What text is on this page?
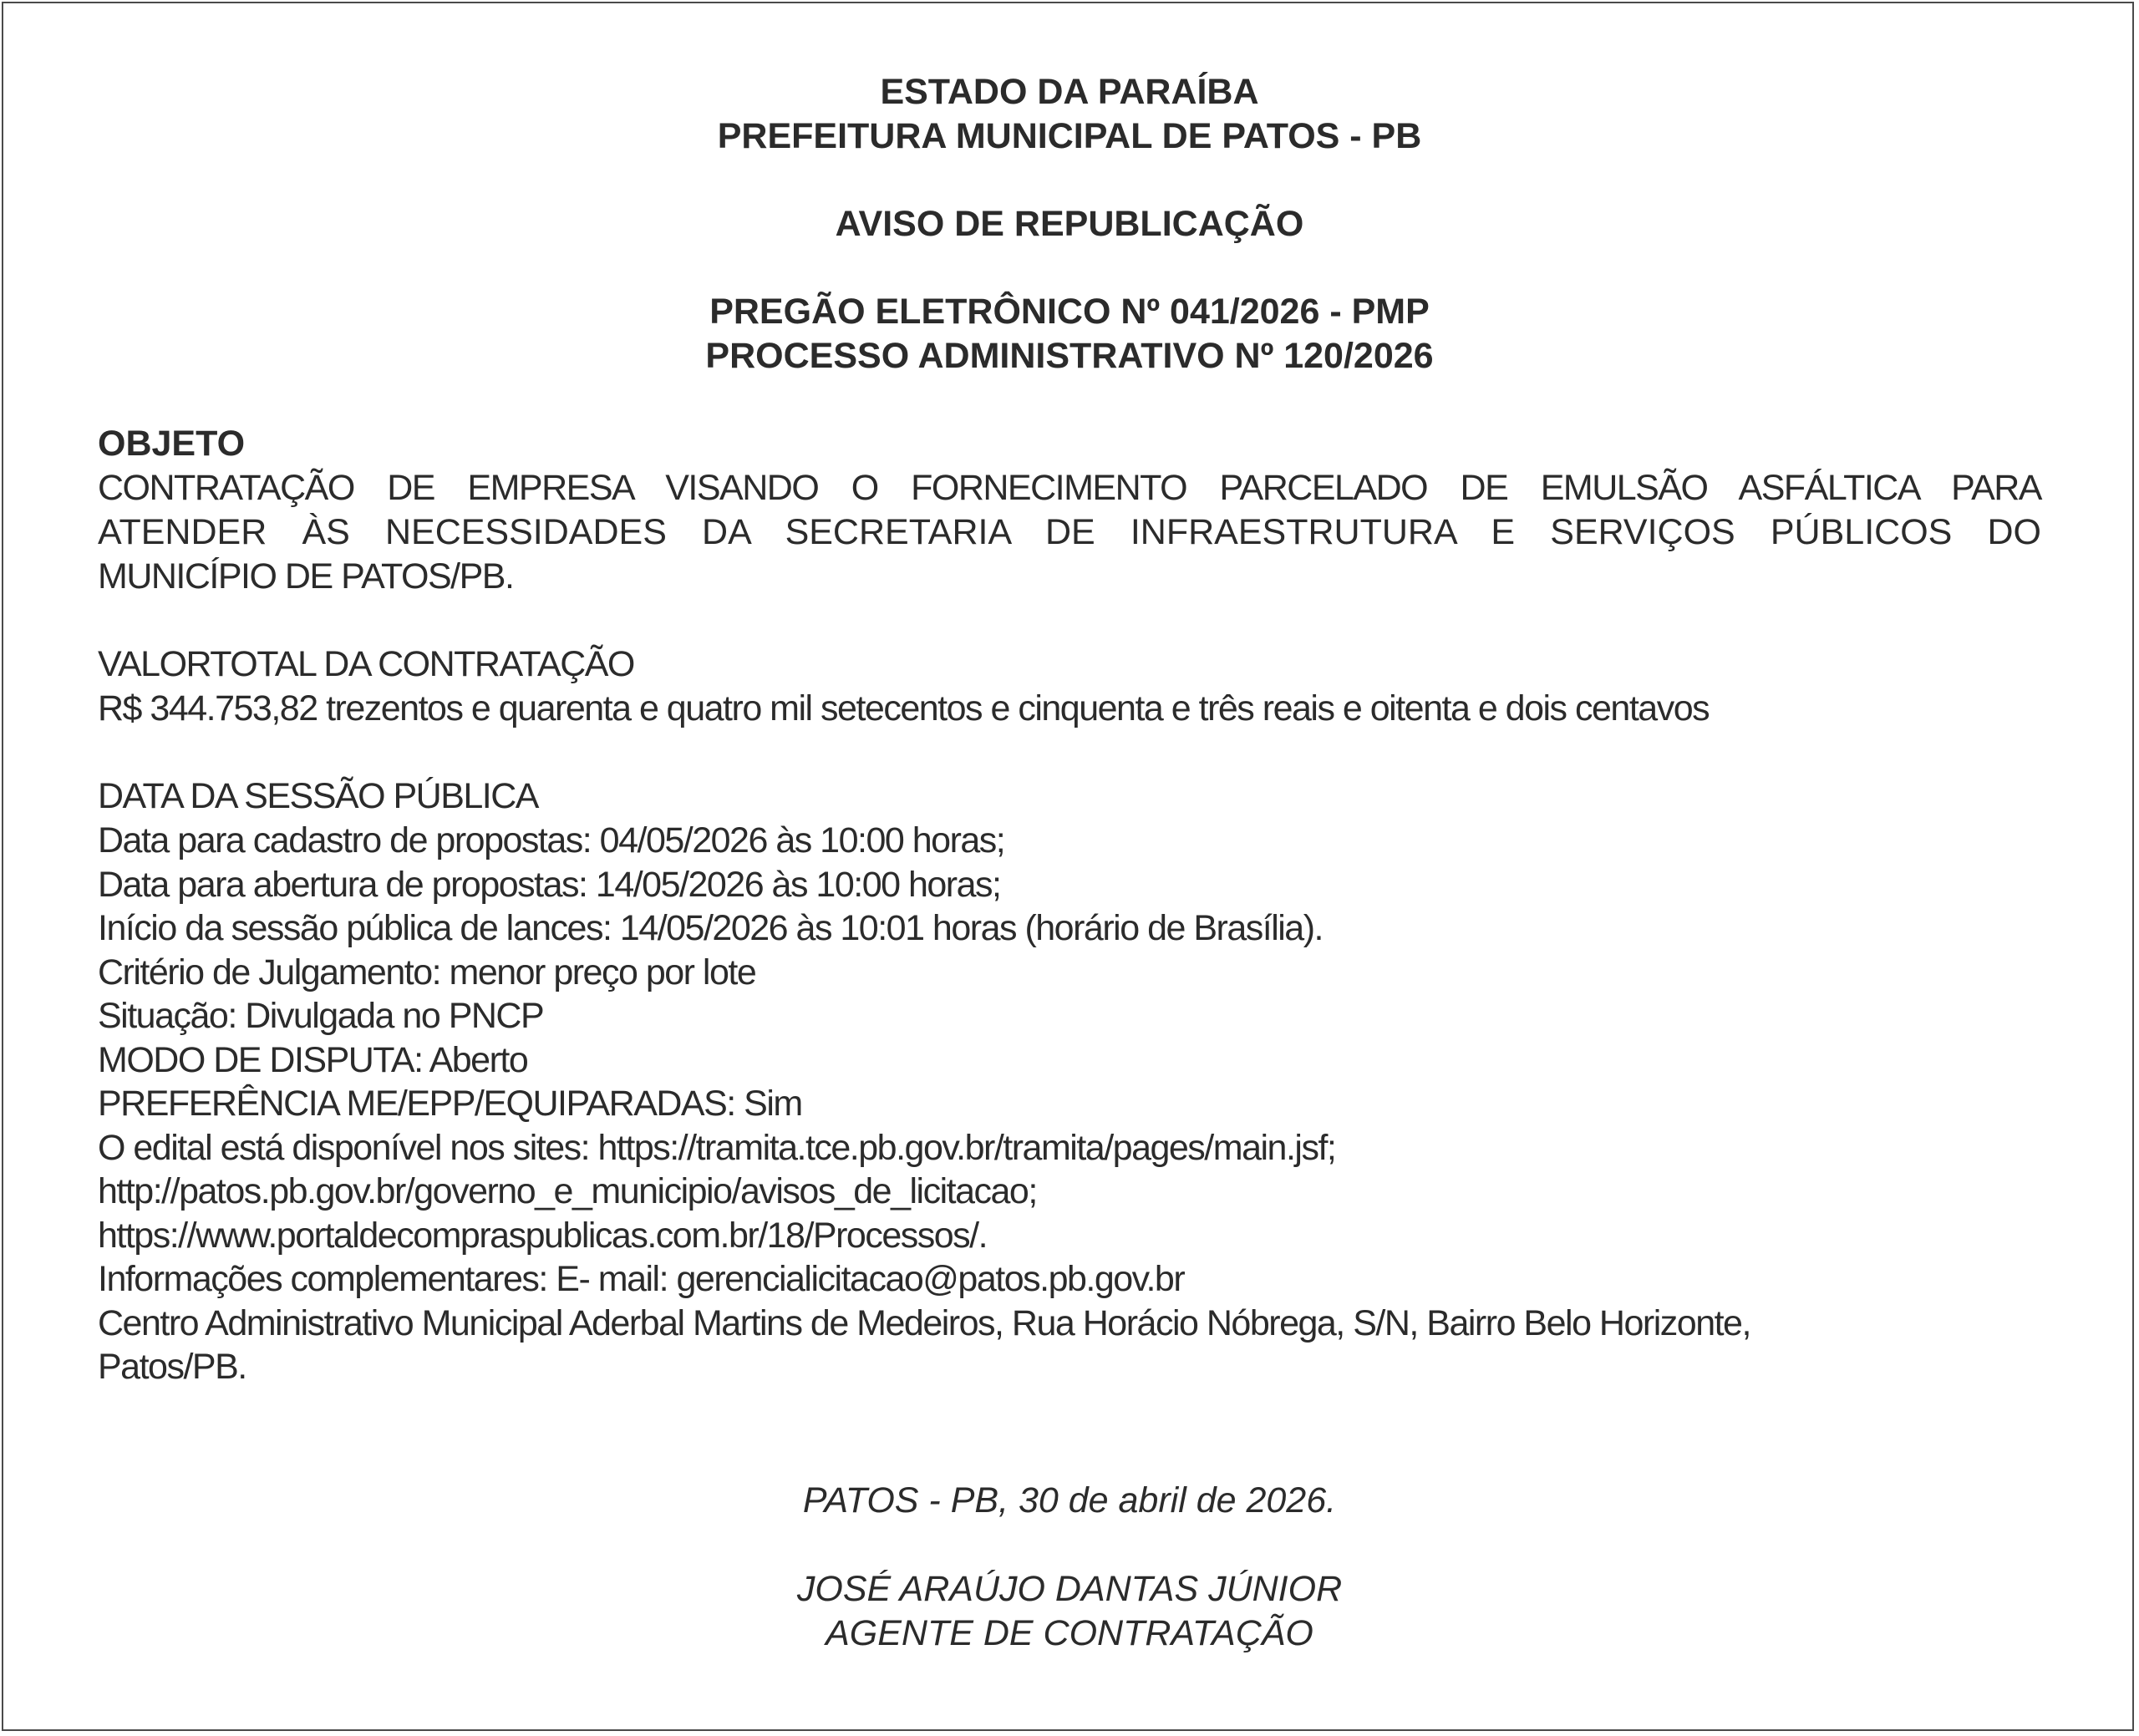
ESTADO DA PARAÍBA
PREFEITURA MUNICIPAL DE PATOS - PB
AVISO DE REPUBLICAÇÃO
PREGÃO ELETRÔNICO Nº 041/2026 - PMP
PROCESSO ADMINISTRATIVO Nº 120/2026
OBJETO
CONTRATAÇÃO DE EMPRESA VISANDO O FORNECIMENTO PARCELADO DE EMULSÃO ASFÁLTICA PARA
ATENDER ÀS NECESSIDADES DA SECRETARIA DE INFRAESTRUTURA E SERVIÇOS PÚBLICOS DO
MUNICÍPIO DE PATOS/PB.
VALORTOTAL DA CONTRATAÇÃO
R$ 344.753,82 trezentos e quarenta e quatro mil setecentos e cinquenta e três reais e oitenta e dois centavos
DATA DA SESSÃO PÚBLICA
Data para cadastro de propostas: 04/05/2026 às 10:00 horas;
Data para abertura de propostas: 14/05/2026 às 10:00 horas;
Início da sessão pública de lances: 14/05/2026 às 10:01 horas (horário de Brasília).
Critério de Julgamento: menor preço por lote
Situação: Divulgada no PNCP
MODO DE DISPUTA: Aberto
PREFERÊNCIA ME/EPP/EQUIPARADAS: Sim
O edital está disponível nos sites: https://tramita.tce.pb.gov.br/tramita/pages/main.jsf;
http://patos.pb.gov.br/governo_e_municipio/avisos_de_licitacao;
https://www.portaldecompraspublicas.com.br/18/Processos/.
Informações complementares: E- mail: gerencialicitacao@patos.pb.gov.br
Centro Administrativo Municipal Aderbal Martins de Medeiros, Rua Horácio Nóbrega, S/N, Bairro Belo Horizonte,
Patos/PB.
PATOS - PB, 30 de abril de 2026.
JOSÉ ARAÚJO DANTAS JÚNIOR
AGENTE DE CONTRATAÇÃO
